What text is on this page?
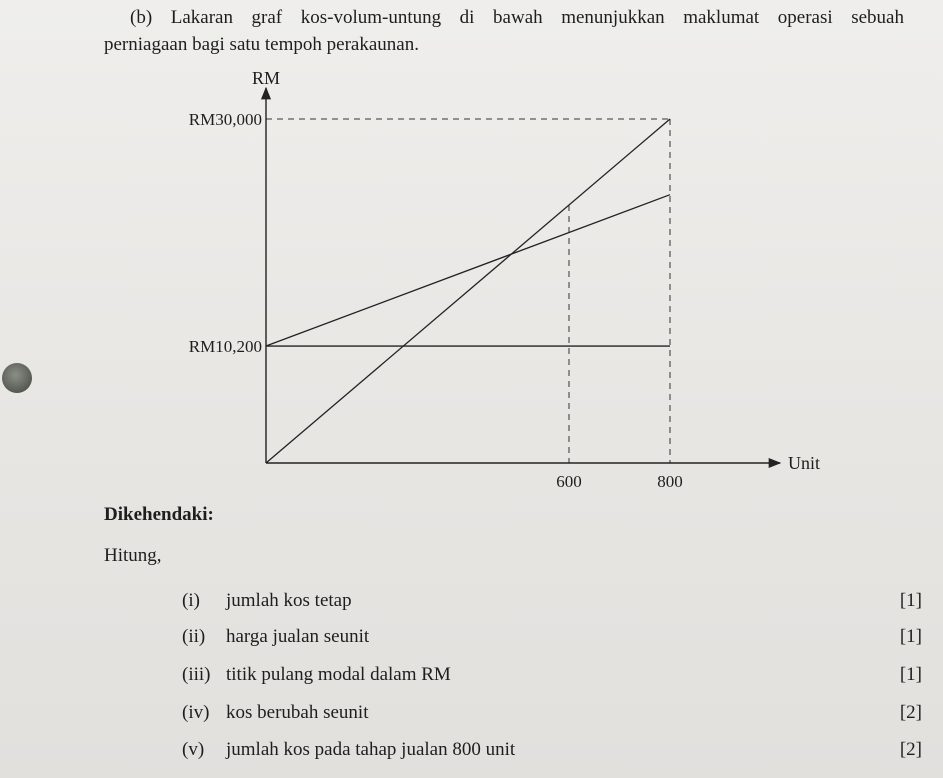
(b) Lakaran graf kos-volum-untung di bawah menunjukkan maklumat operasi sebuah
perniagaan bagi satu tempoh perakaunan.
RM
Unit
RM30,000
RM10,200
600	800
Dikehendaki:
Hitung,
(i) jumlah kos tetap	[1]
(ii) harga jualan seunit	[1]
(iii) titik pulang modal dalam RM	[1]
(iv) kos berubah seunit	[2]
(v) jumlah kos pada tahap jualan 800 unit	[2]
